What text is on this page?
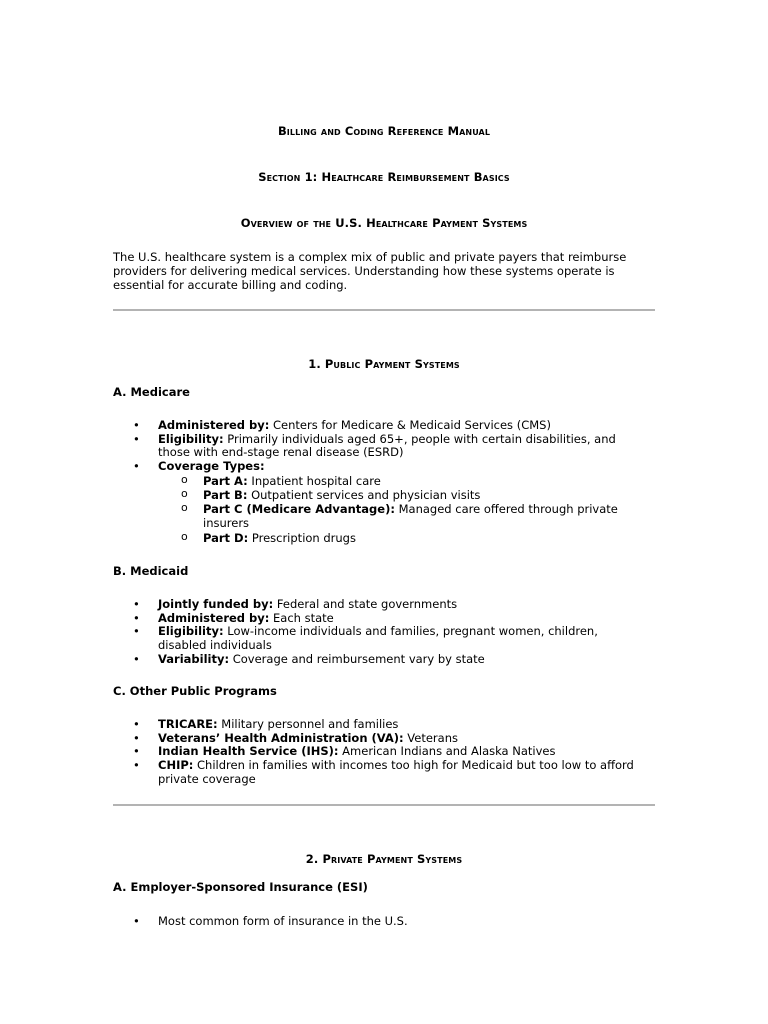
Billing and Coding Reference Manual
Section 1: Healthcare Reimbursement Basics
Overview of the U.S. Healthcare Payment Systems
The U.S. healthcare system is a complex mix of public and private payers that reimburse providers for delivering medical services. Understanding how these systems operate is essential for accurate billing and coding.
1. Public Payment Systems
A. Medicare
• Administered by: Centers for Medicare & Medicaid Services (CMS)
• Eligibility: Primarily individuals aged 65+, people with certain disabilities, and those with end-stage renal disease (ESRD)
• Coverage Types:
o Part A: Inpatient hospital care
o Part B: Outpatient services and physician visits
o Part C (Medicare Advantage): Managed care offered through private insurers
o Part D: Prescription drugs
B. Medicaid
• Jointly funded by: Federal and state governments
• Administered by: Each state
• Eligibility: Low-income individuals and families, pregnant women, children, disabled individuals
• Variability: Coverage and reimbursement vary by state
C. Other Public Programs
• TRICARE: Military personnel and families
• Veterans’ Health Administration (VA): Veterans
• Indian Health Service (IHS): American Indians and Alaska Natives
• CHIP: Children in families with incomes too high for Medicaid but too low to afford private coverage
2. Private Payment Systems
A. Employer-Sponsored Insurance (ESI)
• Most common form of insurance in the U.S.
